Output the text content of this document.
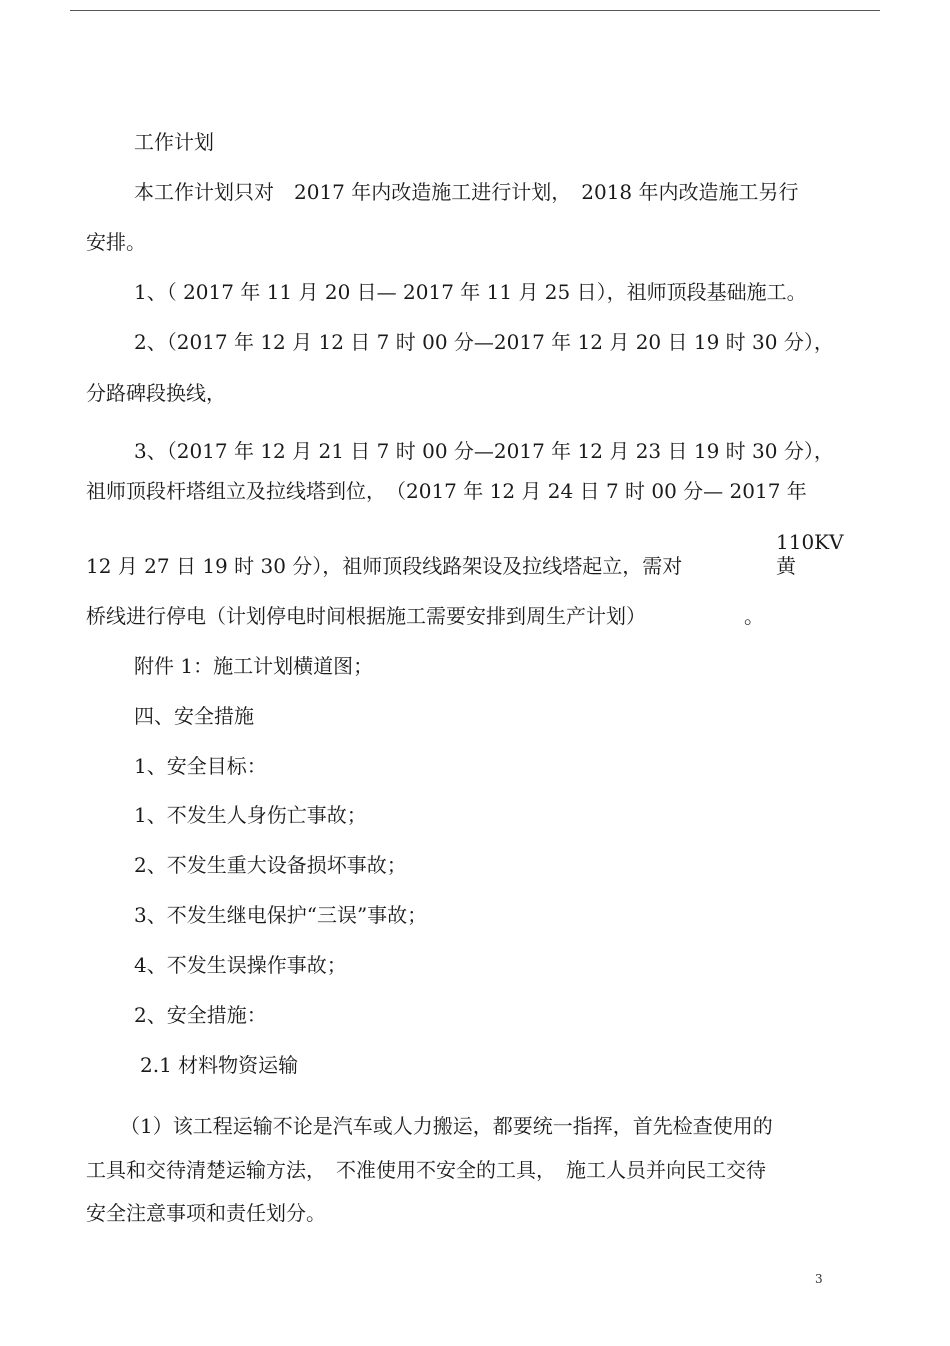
工作计划
本工作计划只对　2017 年内改造施工进行计划，　2018 年内改造施工另行
安排。
1、（ 2017 年 11 月 20 日— 2017 年 11 月 25 日），祖师顶段基础施工。
2、（2017 年 12 月 12 日 7 时 00 分—2017 年 12 月 20 日 19 时 30 分），
分路碑段换线，
3、（2017 年 12 月 21 日 7 时 00 分—2017 年 12 月 23 日 19 时 30 分），
祖师顶段杆塔组立及拉线塔到位，　（2017 年 12 月 24 日 7 时 00 分— 2017 年
110KV
12 月 27 日 19 时 30 分），祖师顶段线路架设及拉线塔起立，需对	黄
桥线进行停电（计划停电时间根据施工需要安排到周生产计划）	。
附件 1：施工计划横道图；
四、安全措施
1、安全目标：
1、不发生人身伤亡事故；
2、不发生重大设备损坏事故；
3、不发生继电保护“三误”事故；
4、不发生误操作事故；
2、安全措施：
2.1 材料物资运输
（1）该工程运输不论是汽车或人力搬运，都要统一指挥，首先检查使用的
工具和交待清楚运输方法，　不准使用不安全的工具，　施工人员并向民工交待
安全注意事项和责任划分。
3
